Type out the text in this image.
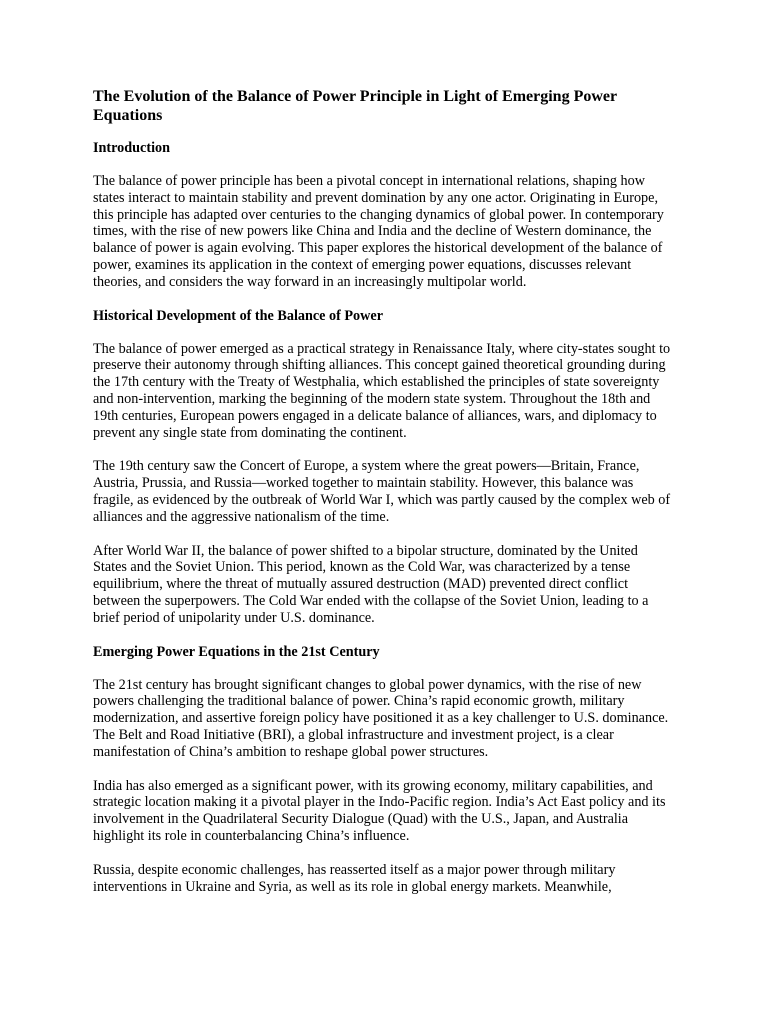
The Evolution of the Balance of Power Principle in Light of Emerging Power Equations
Introduction

The balance of power principle has been a pivotal concept in international relations, shaping how states interact to maintain stability and prevent domination by any one actor. Originating in Europe, this principle has adapted over centuries to the changing dynamics of global power. In contemporary times, with the rise of new powers like China and India and the decline of Western dominance, the balance of power is again evolving. This paper explores the historical development of the balance of power, examines its application in the context of emerging power equations, discusses relevant theories, and considers the way forward in an increasingly multipolar world.

Historical Development of the Balance of Power

The balance of power emerged as a practical strategy in Renaissance Italy, where city-states sought to preserve their autonomy through shifting alliances. This concept gained theoretical grounding during the 17th century with the Treaty of Westphalia, which established the principles of state sovereignty and non-intervention, marking the beginning of the modern state system. Throughout the 18th and 19th centuries, European powers engaged in a delicate balance of alliances, wars, and diplomacy to prevent any single state from dominating the continent.

The 19th century saw the Concert of Europe, a system where the great powers—Britain, France, Austria, Prussia, and Russia—worked together to maintain stability. However, this balance was fragile, as evidenced by the outbreak of World War I, which was partly caused by the complex web of alliances and the aggressive nationalism of the time.

After World War II, the balance of power shifted to a bipolar structure, dominated by the United States and the Soviet Union. This period, known as the Cold War, was characterized by a tense equilibrium, where the threat of mutually assured destruction (MAD) prevented direct conflict between the superpowers. The Cold War ended with the collapse of the Soviet Union, leading to a brief period of unipolarity under U.S. dominance.

Emerging Power Equations in the 21st Century

The 21st century has brought significant changes to global power dynamics, with the rise of new powers challenging the traditional balance of power. China’s rapid economic growth, military modernization, and assertive foreign policy have positioned it as a key challenger to U.S. dominance. The Belt and Road Initiative (BRI), a global infrastructure and investment project, is a clear manifestation of China’s ambition to reshape global power structures.

India has also emerged as a significant power, with its growing economy, military capabilities, and strategic location making it a pivotal player in the Indo-Pacific region. India’s Act East policy and its involvement in the Quadrilateral Security Dialogue (Quad) with the U.S., Japan, and Australia highlight its role in counterbalancing China’s influence.

Russia, despite economic challenges, has reasserted itself as a major power through military interventions in Ukraine and Syria, as well as its role in global energy markets. Meanwhile,
